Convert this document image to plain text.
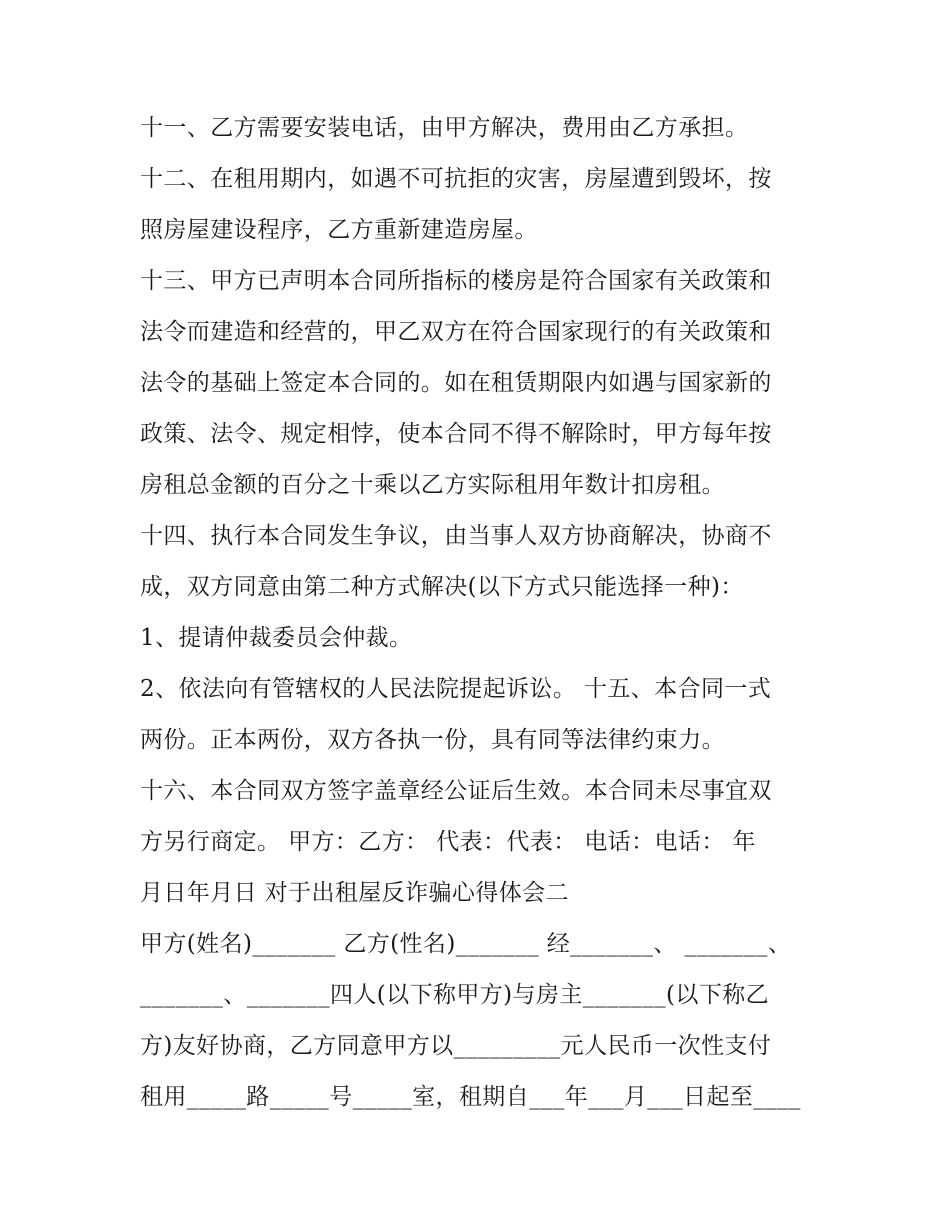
十一、乙方需要安装电话，由甲方解决，费用由乙方承担。
十二、在租用期内，如遇不可抗拒的灾害，房屋遭到毁坏，按
照房屋建设程序，乙方重新建造房屋。
十三、甲方已声明本合同所指标的楼房是符合国家有关政策和
法令而建造和经营的，甲乙双方在符合国家现行的有关政策和
法令的基础上签定本合同的。如在租赁期限内如遇与国家新的
政策、法令、规定相悖，使本合同不得不解除时，甲方每年按
房租总金额的百分之十乘以乙方实际租用年数计扣房租。
十四、执行本合同发生争议，由当事人双方协商解决，协商不
成，双方同意由第二种方式解决(以下方式只能选择一种)：
1、提请仲裁委员会仲裁。
2、依法向有管辖权的人民法院提起诉讼。 十五、本合同一式
两份。正本两份，双方各执一份，具有同等法律约束力。
十六、本合同双方签字盖章经公证后生效。本合同未尽事宜双
方另行商定。 甲方：乙方： 代表：代表： 电话：电话： 年
月日年月日 对于出租屋反诈骗心得体会二
甲方(姓名)_______ 乙方(性名)_______ 经_______、 _______、
_______、_______四人(以下称甲方)与房主_______(以下称乙
方)友好协商，乙方同意甲方以_________元人民币一次性支付
租用_____路_____号_____室，租期自___年___月___日起至____
